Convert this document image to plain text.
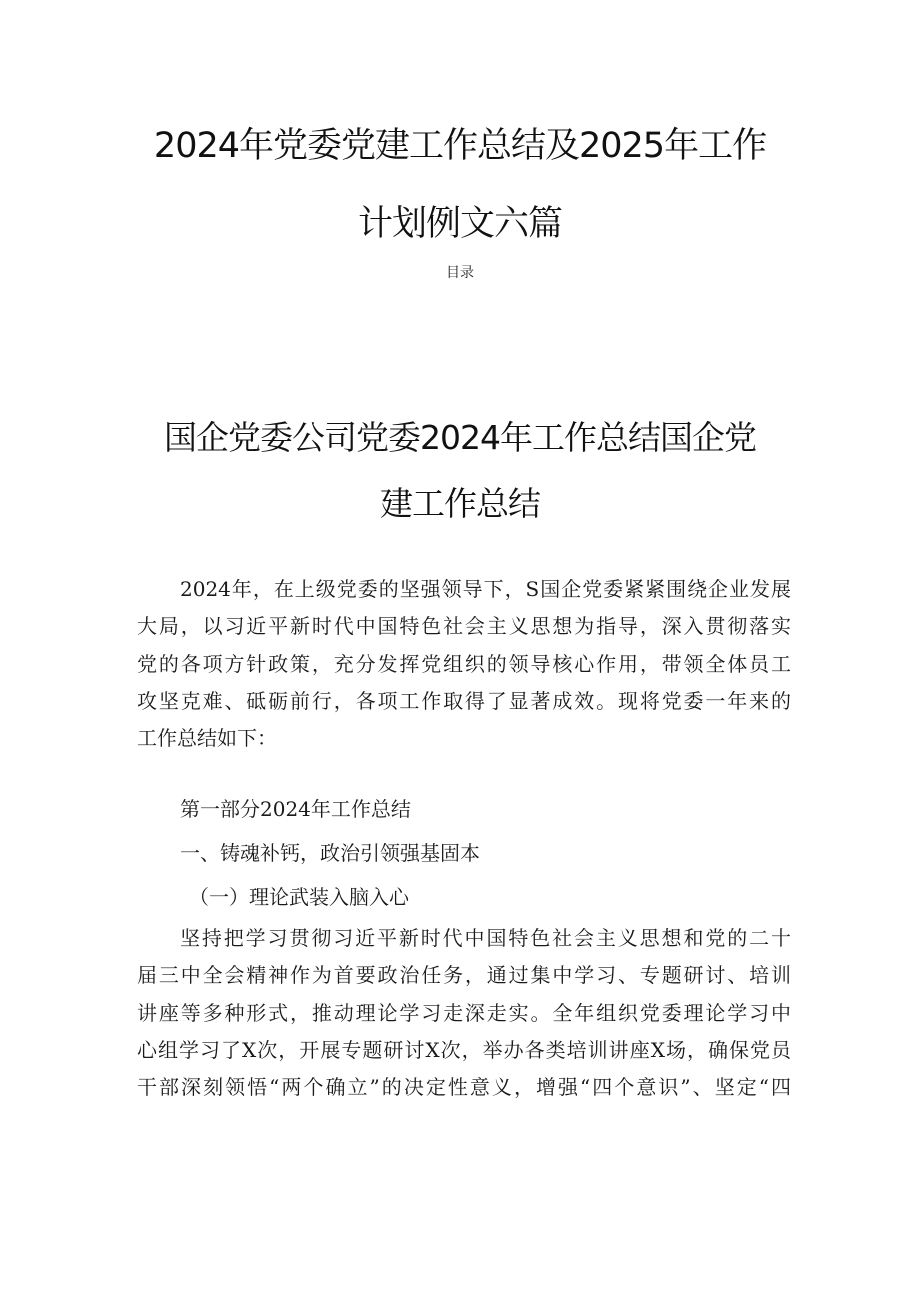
2024年党委党建工作总结及2025年工作
计划例文六篇
目录
国企党委公司党委2024年工作总结国企党
建工作总结
2024年，在上级党委的坚强领导下，S国企党委紧紧围绕企业发展
大局，以习近平新时代中国特色社会主义思想为指导，深入贯彻落实
党的各项方针政策，充分发挥党组织的领导核心作用，带领全体员工
攻坚克难、砥砺前行，各项工作取得了显著成效。现将党委一年来的
工作总结如下：
第一部分2024年工作总结
一、铸魂补钙，政治引领强基固本
（一）理论武装入脑入心
坚持把学习贯彻习近平新时代中国特色社会主义思想和党的二十
届三中全会精神作为首要政治任务，通过集中学习、专题研讨、培训
讲座等多种形式，推动理论学习走深走实。全年组织党委理论学习中
心组学习了X次，开展专题研讨X次，举办各类培训讲座X场，确保党员
干部深刻领悟“两个确立”的决定性意义，增强“四个意识”、坚定“四
